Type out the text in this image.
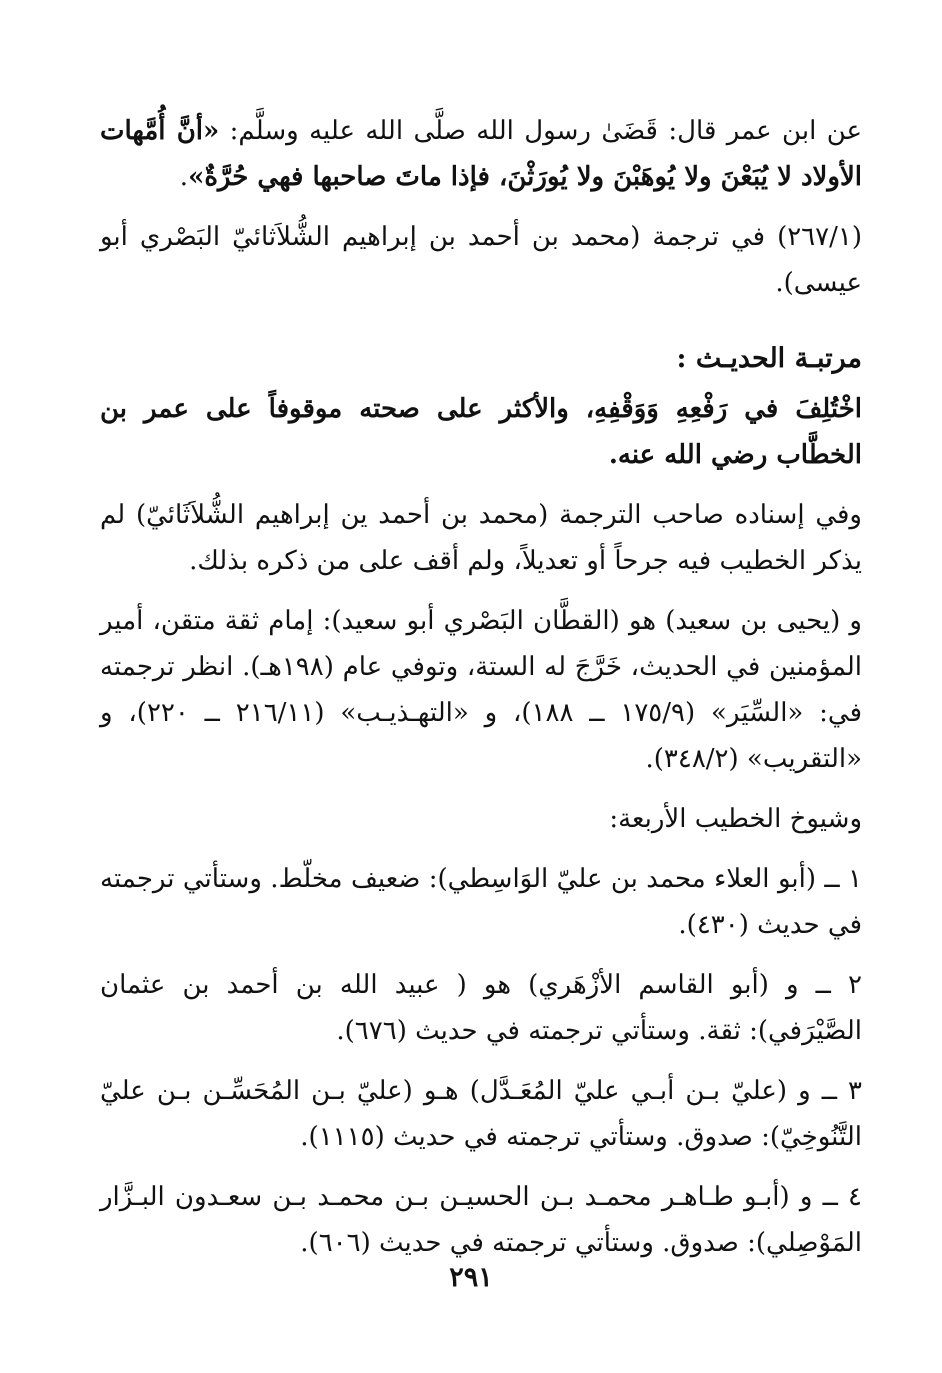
عن ابن عمر قال: قَضَىٰ رسول الله صلَّى الله عليه وسلَّم: «أنَّ أُمَّهات الأولاد لا يُبَعْنَ ولا يُوهَبْنَ ولا يُورَثْنَ، فإذا ماتَ صاحبها فهي حُرَّةٌ».

(٢٦٧/١) في ترجمة (محمد بن أحمد بن إبراهيم الشُّلاَثائيّ البَصْري أبو عيسى).

مرتبـة الحديـث :

اخْتُلِفَ في رَفْعِهِ وَوَقْفِهِ، والأكثر على صحته موقوفاً على عمر بن الخطَّاب رضي الله عنه.

وفي إسناده صاحب الترجمة (محمد بن أحمد ين إبراهيم الشُّلاَثَائيّ) لم يذكر الخطيب فيه جرحاً أو تعديلاً، ولم أقف على من ذكره بذلك.

و (يحيى بن سعيد) هو (القطَّان البَصْري أبو سعيد): إمام ثقة متقن، أمير المؤمنين في الحديث، خَرَّجَ له الستة، وتوفي عام (١٩٨هـ). انظر ترجمته في: «السِّيَر» (١٧٥/٩ ــ ١٨٨)، و «التهـذيـب» (٢١٦/١١ ــ ٢٢٠)، و «التقريب» (٣٤٨/٢).

وشيوخ الخطيب الأربعة:

١ ــ (أبو العلاء محمد بن عليّ الوَاسِطي): ضعيف مخلّط. وستأتي ترجمته في حديث (٤٣٠).

٢ ــ و (أبو القاسم الأزْهَري) هو ( عبيد الله بن أحمد بن عثمان الصَّيْرَفي): ثقة. وستأتي ترجمته في حديث (٦٧٦).

٣ ــ و (عليّ بـن أبـي عليّ المُعَـدَّل) هـو (عليّ بـن المُحَسِّـن بـن عليّ التَّنُوخِيّ): صدوق. وستأتي ترجمته في حديث (١١١٥).

٤ ــ و (أبـو طـاهـر محمـد بـن الحسيـن بـن محمـد بـن سعـدون البـزَّار المَوْصِلي): صدوق. وستأتي ترجمته في حديث (٦٠٦).

٢٩١
